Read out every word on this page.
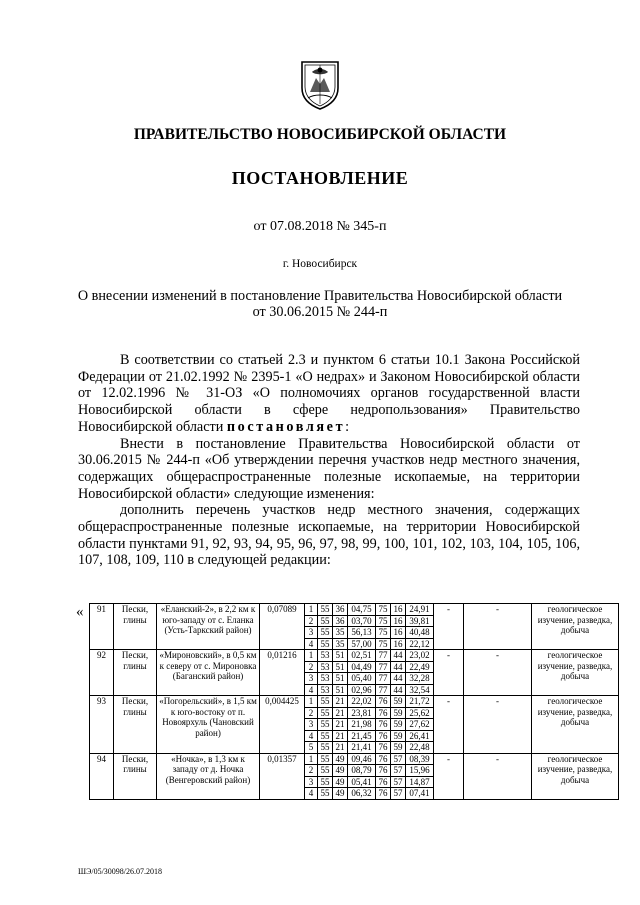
ПРАВИТЕЛЬСТВО НОВОСИБИРСКОЙ ОБЛАСТИ
ПОСТАНОВЛЕНИЕ
от 07.08.2018 № 345-п
г. Новосибирск
О внесении изменений в постановление Правительства Новосибирской области
от 30.06.2015 № 244-п

В соответствии со статьей 2.3 и пунктом 6 статьи 10.1 Закона Российской Федерации от 21.02.1992 № 2395-1 «О недрах» и Законом Новосибирской области от 12.02.1996 № 31-ОЗ «О полномочиях органов государственной власти Новосибирской области в сфере недропользования» Правительство Новосибирской области постановляет:

Внести в постановление Правительства Новосибирской области от 30.06.2015 № 244-п «Об утверждении перечня участков недр местного значения, содержащих общераспространенные полезные ископаемые, на территории Новосибирской области» следующие изменения:

дополнить перечень участков недр местного значения, содержащих общераспространенные полезные ископаемые, на территории Новосибирской области пунктами 91, 92, 93, 94, 95, 96, 97, 98, 99, 100, 101, 102, 103, 104, 105, 106, 107, 108, 109, 110 в следующей редакции:

« 91	Пески, глины	«Еланский-2», в 2,2 км к юго-западу от с. Еланка (Усть-Таркский район)	0,07089	1	55	36	04,75	75	16	24,91	-	-	геологическое изучение, разведка, добыча
				2	55	36	03,70	75	16	39,81			
				3	55	35	56,13	75	16	40,48			
				4	55	35	57,00	75	16	22,12			
92	Пески, глины	«Мироновский», в 0,5 км к северу от с. Мироновка (Баганский район)	0,01216	1	53	51	02,51	77	44	23,02	-	-	геологическое изучение, разведка, добыча
				2	53	51	04,49	77	44	22,49			
				3	53	51	05,40	77	44	32,28			
				4	53	51	02,96	77	44	32,54			
93	Пески, глины	«Погорельский», в 1,5 км к юго-востоку от п. Новоярхуль (Чановский район)	0,004425	1	55	21	22,02	76	59	21,72	-	-	геологическое изучение, разведка, добыча
				2	55	21	23,81	76	59	25,62			
				3	55	21	21,98	76	59	27,62			
				4	55	21	21,45	76	59	26,41			
				5	55	21	21,41	76	59	22,48			

94	Пески, глины	«Ночка», в 1,3 км к западу от д. Ночка (Венгеровский район)	0,01357	1	55	49	09,46	76	57	08,39	-	-	геологическое изучение, разведка, добыча
				2	55	49	08,79	76	57	15,96			
				3	55	49	05,41	76	57	14,87			
				4	55	49	06,32	76	57	07,41			
ШЭ/05/30098/26.07.2018
